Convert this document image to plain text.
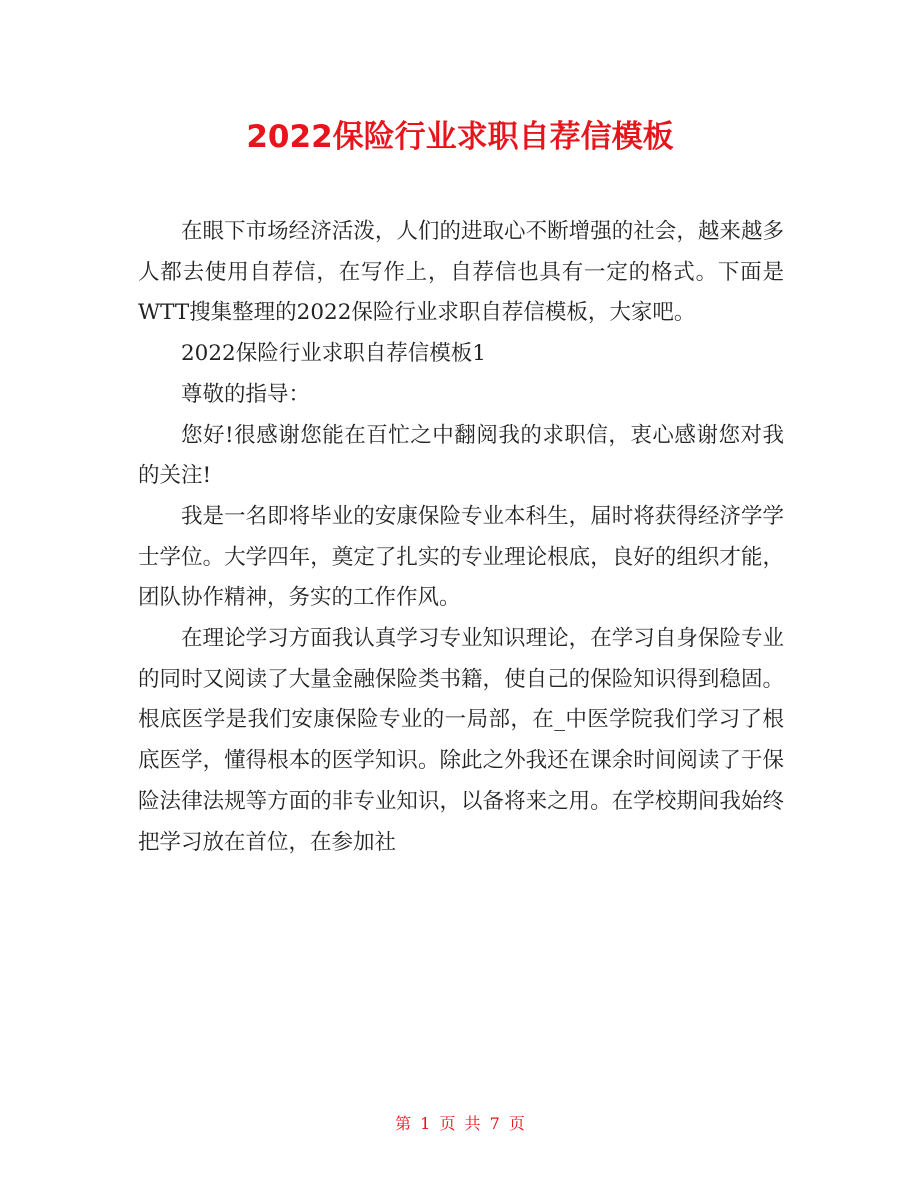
2022保险行业求职自荐信模板

在眼下市场经济活泼，人们的进取心不断增强的社会，越来越多人都去使用自荐信，在写作上，自荐信也具有一定的格式。下面是WTT搜集整理的2022保险行业求职自荐信模板，大家吧。

2022保险行业求职自荐信模板1

尊敬的指导：

您好!很感谢您能在百忙之中翻阅我的求职信，衷心感谢您对我的关注!

我是一名即将毕业的安康保险专业本科生，届时将获得经济学学士学位。大学四年，奠定了扎实的专业理论根底，良好的组织才能，团队协作精神，务实的工作作风。

在理论学习方面我认真学习专业知识理论，在学习自身保险专业的同时又阅读了大量金融保险类书籍，使自己的保险知识得到稳固。根底医学是我们安康保险专业的一局部，在_中医学院我们学习了根底医学，懂得根本的医学知识。除此之外我还在课余时间阅读了于保险法律法规等方面的非专业知识，以备将来之用。在学校期间我始终把学习放在首位，在参加社

第 1 页 共 7 页
